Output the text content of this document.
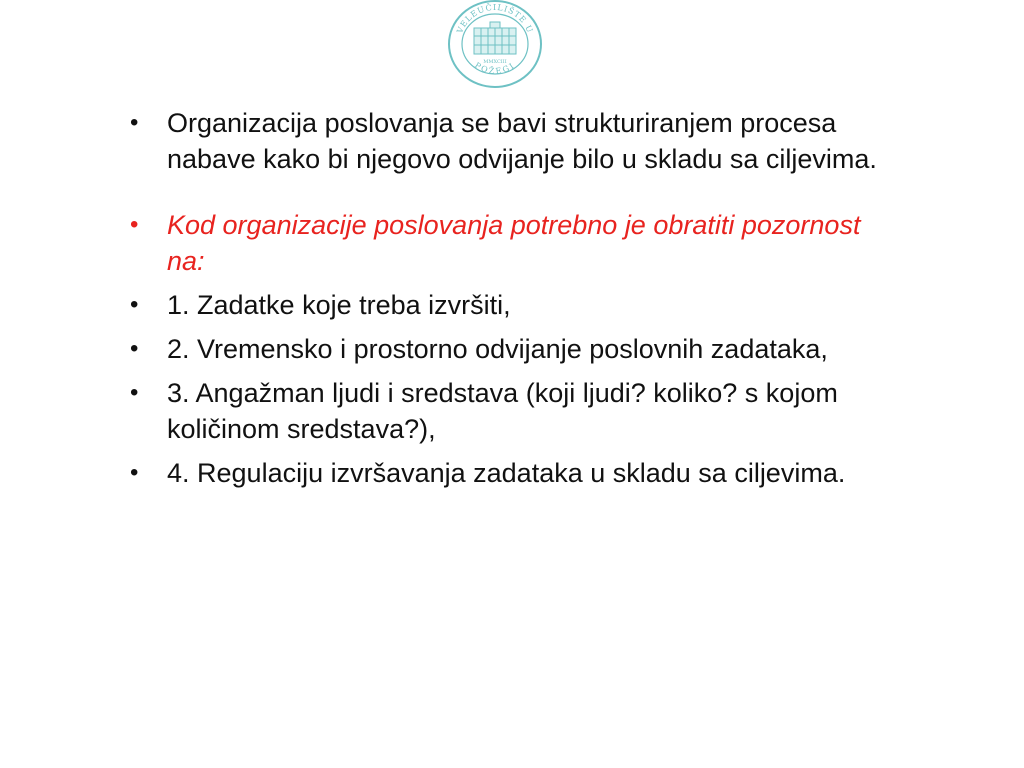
VELEUČILIŠTE U
POŽEGI
MMXCIII
•	Organizacija poslovanja se bavi strukturiranjem procesa nabave kako bi njegovo odvijanje bilo u skladu sa ciljevima.
•	Kod organizacije poslovanja potrebno je obratiti pozornost na:
•	1. Zadatke koje treba izvršiti,
•	2. Vremensko i prostorno odvijanje poslovnih zadataka,
•	3. Angažman ljudi i sredstava (koji ljudi? koliko? s kojom količinom sredstava?),
•	4. Regulaciju izvršavanja zadataka u skladu sa ciljevima.
